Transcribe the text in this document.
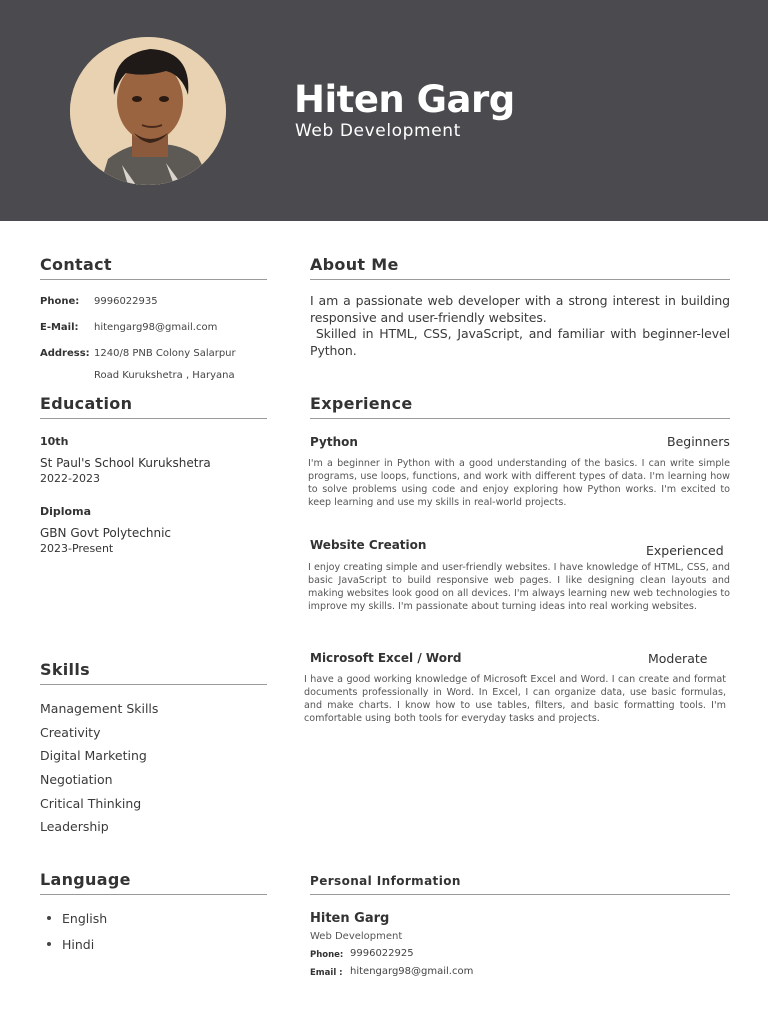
Hiten Garg

Web Development

Contact
Phone: 9996022935
E-Mail: hitengarg98@gmail.com
Address: 1240/8 PNB Colony Salarpur
Road Kurukshetra , Haryana
Education
10th
St Paul's School Kurukshetra
2022-2023
Diploma
GBN Govt Polytechnic
2023-Present
Skills
Management Skills
Creativity
Digital Marketing
Negotiation
Critical Thinking
Leadership
Language
English
Hindi
About Me

I am a passionate web developer with a strong interest in building responsive and user-friendly websites.
Skilled in HTML, CSS, JavaScript, and familiar with beginner-level Python.

Experience
Python	Beginners

I'm a beginner in Python with a good understanding of the basics. I can write simple programs, use loops, functions, and work with different types of data. I'm learning how to solve problems using code and enjoy exploring how Python works. I'm excited to keep learning and use my skills in real-world projects.

Website Creation	Experienced

I enjoy creating simple and user-friendly websites. I have knowledge of HTML, CSS, and basic JavaScript to build responsive web pages. I like designing clean layouts and making websites look good on all devices. I'm always learning new web technologies to improve my skills. I'm passionate about turning ideas into real working websites.

Microsoft Excel / Word	Moderate

I have a good working knowledge of Microsoft Excel and Word. I can create and format documents professionally in Word. In Excel, I can organize data, use basic formulas, and make charts. I know how to use tables, filters, and basic formatting tools. I'm comfortable using both tools for everyday tasks and projects.

Personal Information
Hiten Garg
Web Development
Phone: 9996022925
Email : hitengarg98@gmail.com
